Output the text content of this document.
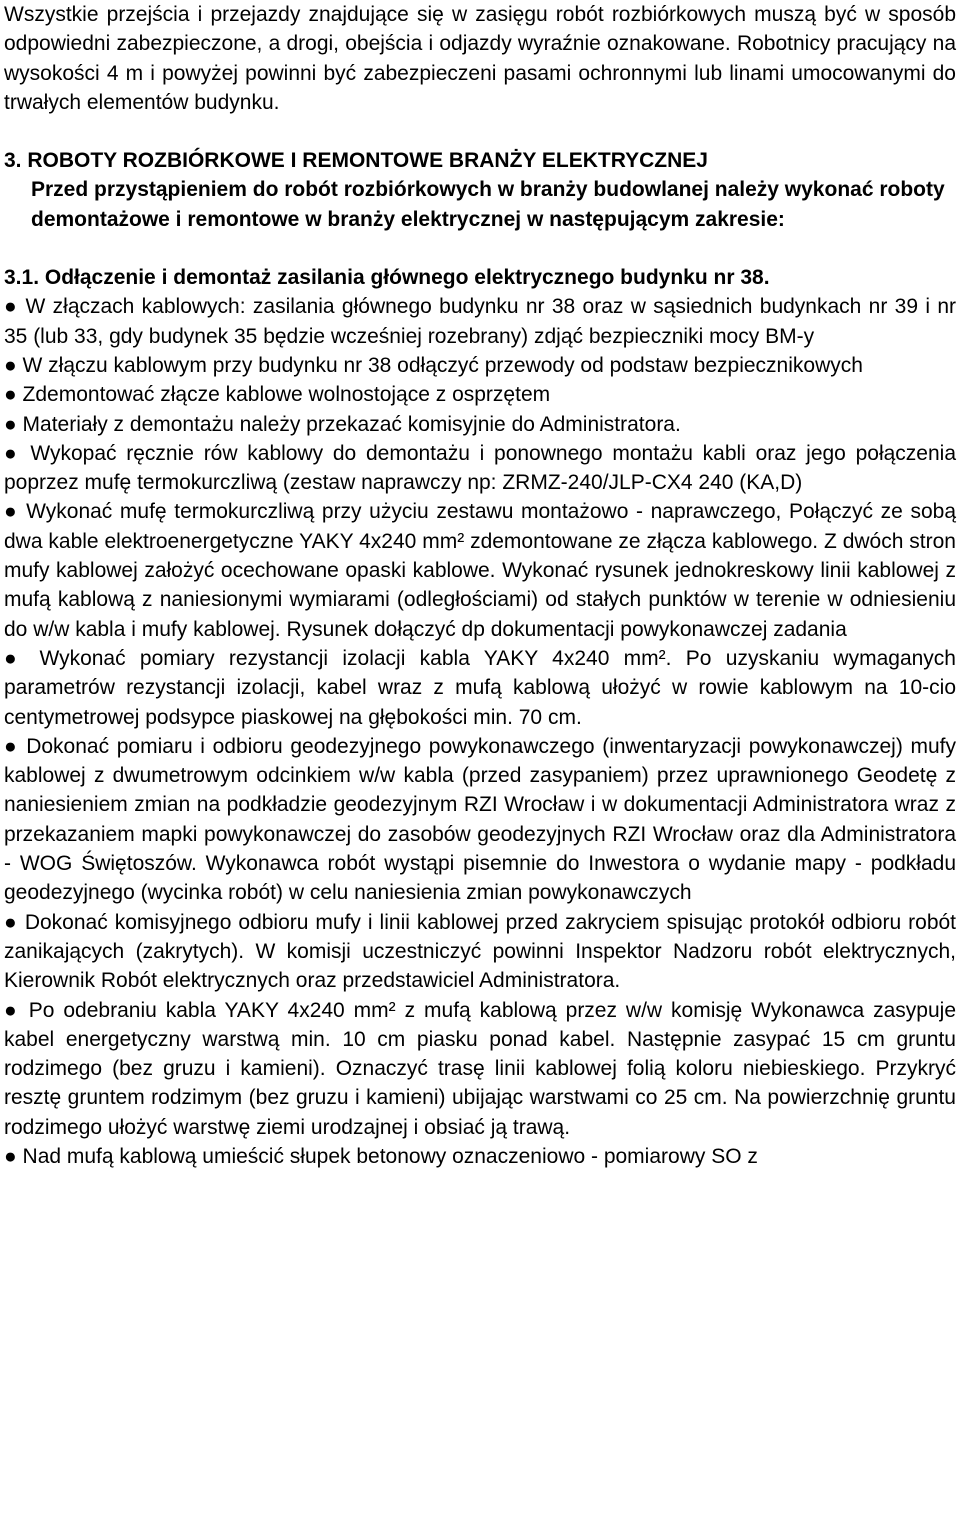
Wszystkie przejścia i przejazdy znajdujące się w zasięgu robót rozbiórkowych muszą być w sposób odpowiedni zabezpieczone, a drogi, obejścia i odjazdy wyraźnie oznakowane. Robotnicy pracujący na wysokości 4 m i powyżej powinni być zabezpieczeni pasami ochronnymi lub linami umocowanymi do trwałych elementów budynku.

3. ROBOTY ROZBIÓRKOWE I REMONTOWE BRANŻY ELEKTRYCZNEJ

Przed przystąpieniem do robót rozbiórkowych w branży budowlanej należy wykonać roboty demontażowe i remontowe w branży elektrycznej w następującym zakresie:

3.1. Odłączenie i demontaż zasilania głównego elektrycznego budynku nr 38.

● W złączach kablowych: zasilania głównego budynku nr 38 oraz w sąsiednich budynkach nr 39 i nr 35 (lub 33, gdy budynek 35 będzie wcześniej rozebrany) zdjąć bezpieczniki mocy BM-y

● W złączu kablowym przy budynku nr 38 odłączyć przewody od podstaw bezpiecznikowych

● Zdemontować złącze kablowe wolnostojące z osprzętem

● Materiały z demontażu należy przekazać komisyjnie do Administratora.

● Wykopać ręcznie rów kablowy do demontażu i ponownego montażu kabli oraz jego połączenia poprzez mufę termokurczliwą (zestaw naprawczy np: ZRMZ-240/JLP-CX4 240 (KA,D)

● Wykonać mufę termokurczliwą przy użyciu zestawu montażowo - naprawczego, Połączyć ze sobą dwa kable elektroenergetyczne YAKY 4x240 mm² zdemontowane ze złącza kablowego. Z dwóch stron mufy kablowej założyć ocechowane opaski kablowe. Wykonać rysunek jednokreskowy linii kablowej z mufą kablową z naniesionymi wymiarami (odległościami) od stałych punktów w terenie w odniesieniu do w/w kabla i mufy kablowej. Rysunek dołączyć dp dokumentacji powykonawczej zadania

● Wykonać pomiary rezystancji izolacji kabla YAKY 4x240 mm². Po uzyskaniu wymaganych parametrów rezystancji izolacji, kabel wraz z mufą kablową ułożyć w rowie kablowym na 10-cio centymetrowej podsypce piaskowej na głębokości min. 70 cm.

● Dokonać pomiaru i odbioru geodezyjnego powykonawczego (inwentaryzacji powykonawczej) mufy kablowej z dwumetrowym odcinkiem w/w kabla (przed zasypaniem) przez uprawnionego Geodetę z naniesieniem zmian na podkładzie geodezyjnym RZI Wrocław i w dokumentacji Administratora wraz z przekazaniem mapki powykonawczej do zasobów geodezyjnych RZI Wrocław oraz dla Administratora - WOG Świętoszów. Wykonawca robót wystąpi pisemnie do Inwestora o wydanie mapy - podkładu geodezyjnego (wycinka robót) w celu naniesienia zmian powykonawczych

● Dokonać komisyjnego odbioru mufy i linii kablowej przed zakryciem spisując protokół odbioru robót zanikających (zakrytych). W komisji uczestniczyć powinni Inspektor Nadzoru robót elektrycznych, Kierownik Robót elektrycznych oraz przedstawiciel Administratora.

● Po odebraniu kabla YAKY 4x240 mm² z mufą kablową przez w/w komisję Wykonawca zasypuje kabel energetyczny warstwą min. 10 cm piasku ponad kabel. Następnie zasypać 15 cm gruntu rodzimego (bez gruzu i kamieni). Oznaczyć trasę linii kablowej folią koloru niebieskiego. Przykryć resztę gruntem rodzimym (bez gruzu i kamieni) ubijając warstwami co 25 cm. Na powierzchnię gruntu rodzimego ułożyć warstwę ziemi urodzajnej i obsiać ją trawą.

● Nad mufą kablową umieścić słupek betonowy oznaczeniowo - pomiarowy SO z
